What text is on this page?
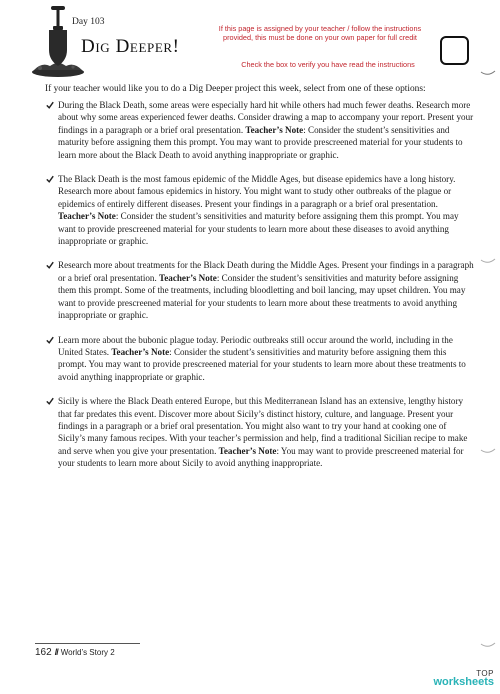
Day 103
Dig Deeper!
If this page is assigned by your teacher / follow the instructions provided, this must be done on your own paper for full credit
Check the box to verify you have read the instructions
If your teacher would like you to do a Dig Deeper project this week, select from one of these options:
During the Black Death, some areas were especially hard hit while others had much fewer deaths. Research more about why some areas experienced fewer deaths. Consider drawing a map to accompany your report. Present your findings in a paragraph or a brief oral presentation. Teacher’s Note: Consider the student’s sensitivities and maturity before assigning them this prompt. You may want to provide prescreened material for your students to learn more about the Black Death to avoid anything inappropriate or graphic.
The Black Death is the most famous epidemic of the Middle Ages, but disease epidemics have a long history. Research more about famous epidemics in history. You might want to study other outbreaks of the plague or epidemics of entirely different diseases. Present your findings in a paragraph or a brief oral presentation. Teacher’s Note: Consider the student’s sensitivities and maturity before assigning them this prompt. You may want to provide prescreened material for your students to learn more about these diseases to avoid anything inappropriate or graphic.
Research more about treatments for the Black Death during the Middle Ages. Present your findings in a paragraph or a brief oral presentation. Teacher’s Note: Consider the student’s sensitivities and maturity before assigning them this prompt. Some of the treatments, including bloodletting and boil lancing, may upset children. You may want to provide prescreened material for your students to learn more about these treatments to avoid anything inappropriate or graphic.
Learn more about the bubonic plague today. Periodic outbreaks still occur around the world, including in the United States. Teacher’s Note: Consider the student’s sensitivities and maturity before assigning them this prompt. You may want to provide prescreened material for your students to learn more about these treatments to avoid anything inappropriate or graphic.
Sicily is where the Black Death entered Europe, but this Mediterranean Island has an extensive, lengthy history that far predates this event. Discover more about Sicily’s distinct history, culture, and language. Present your findings in a paragraph or a brief oral presentation. You might also want to try your hand at cooking one of Sicily’s many famous recipes. With your teacher’s permission and help, find a traditional Sicilian recipe to make and serve when you give your presentation. Teacher’s Note: You may want to provide prescreened material for your students to learn more about Sicily to avoid anything inappropriate.
162 // World’s Story 2
TOP
worksheets
